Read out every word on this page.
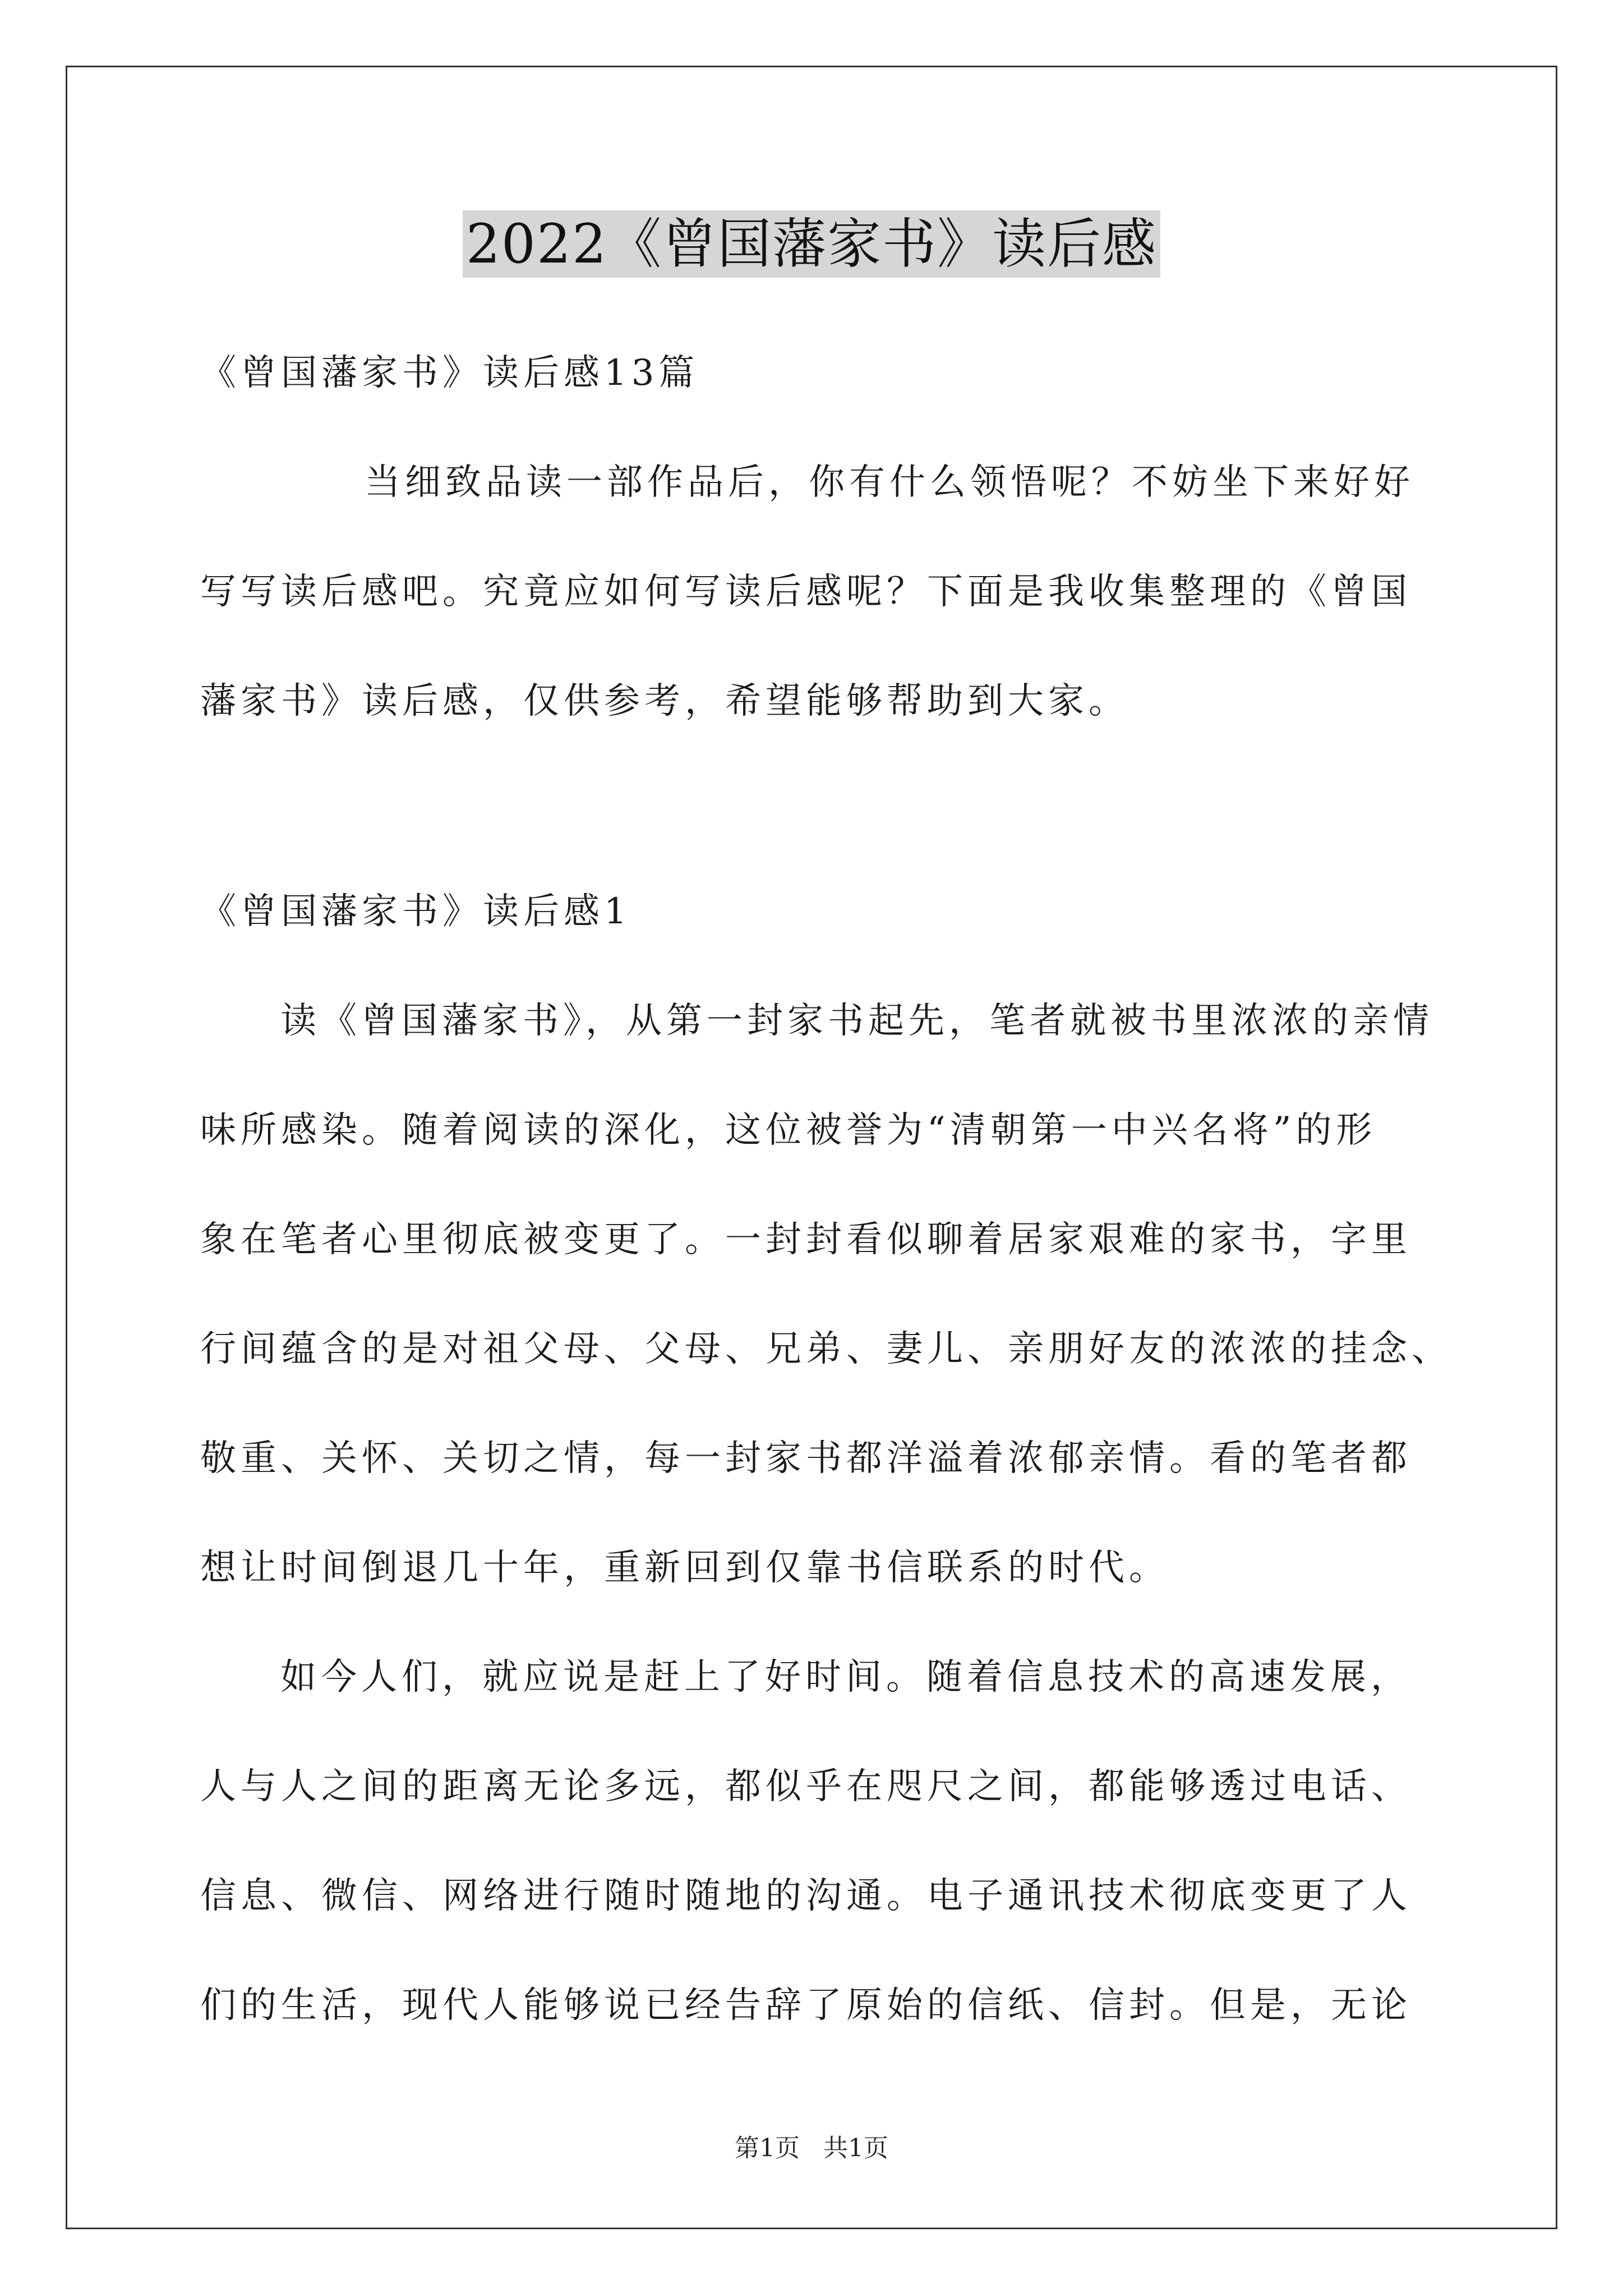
2022《曾国藩家书》读后感
《曾国藩家书》读后感13篇
当细致品读一部作品后，你有什么领悟呢？不妨坐下来好好
写写读后感吧。究竟应如何写读后感呢？下面是我收集整理的《曾国
藩家书》读后感，仅供参考，希望能够帮助到大家。
《曾国藩家书》读后感1
读《曾国藩家书》，从第一封家书起先，笔者就被书里浓浓的亲情
味所感染。随着阅读的深化，这位被誉为“清朝第一中兴名将”的形
象在笔者心里彻底被变更了。一封封看似聊着居家艰难的家书，字里
行间蕴含的是对祖父母、父母、兄弟、妻儿、亲朋好友的浓浓的挂念、
敬重、关怀、关切之情，每一封家书都洋溢着浓郁亲情。看的笔者都
想让时间倒退几十年，重新回到仅靠书信联系的时代。
如今人们，就应说是赶上了好时间。随着信息技术的高速发展，
人与人之间的距离无论多远，都似乎在咫尺之间，都能够透过电话、
信息、微信、网络进行随时随地的沟通。电子通讯技术彻底变更了人
们的生活，现代人能够说已经告辞了原始的信纸、信封。但是，无论
第1页   共1页
